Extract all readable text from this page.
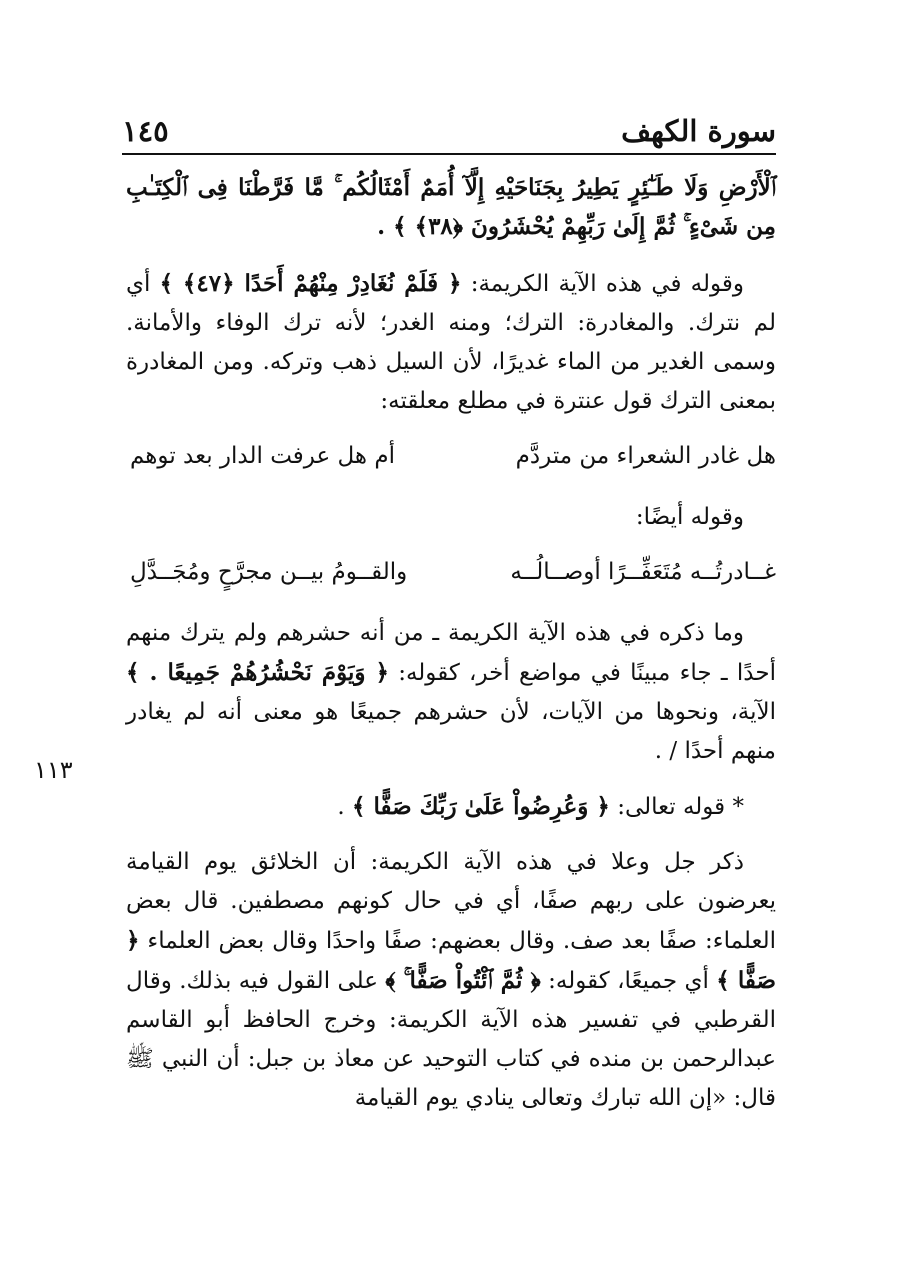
سورة الكهف
١٤٥
١١٣

ٱلْأَرْضِ وَلَا طَـٰٓئِرٍ يَطِيرُ بِجَنَاحَيْهِ إِلَّآ أُمَمٌ أَمْثَالُكُم ۚ مَّا فَرَّطْنَا فِى ٱلْكِتَـٰبِ مِن شَىْءٍ ۚ ثُمَّ إِلَىٰ رَبِّهِمْ يُحْشَرُونَ ﴿٣٨﴾ ﴾ .

وقوله في هذه الآية الكريمة: ﴿ فَلَمْ نُغَادِرْ مِنْهُمْ أَحَدًا ﴿٤٧﴾ ﴾ أي لم نترك. والمغادرة: الترك؛ ومنه الغدر؛ لأنه ترك الوفاء والأمانة. وسمى الغدير من الماء غديرًا، لأن السيل ذهب وتركه. ومن المغادرة بمعنى الترك قول عنترة في مطلع معلقته:

هل غادر الشعراء من متردَّم
أم هل عرفت الدار بعد توهم

وقوله أيضًا:

غــادرتُــه مُتَعَفِّــرًا أوصــالُــه
والقــومُ بيــن مجرَّحٍ ومُجَــدَّلِ

وما ذكره في هذه الآية الكريمة ـ من أنه حشرهم ولم يترك منهم أحدًا ـ جاء مبينًا في مواضع أخر، كقوله: ﴿ وَيَوْمَ نَحْشُرُهُمْ جَمِيعًا . ﴾ الآية، ونحوها من الآيات، لأن حشرهم جميعًا هو معنى أنه لم يغادر منهم أحدًا / .

* قوله تعالى: ﴿ وَعُرِضُواْ عَلَىٰ رَبِّكَ صَفًّا ﴾ .

ذكر جل وعلا في هذه الآية الكريمة: أن الخلائق يوم القيامة يعرضون على ربهم صفًا، أي في حال كونهم مصطفين. قال بعض العلماء: صفًا بعد صف. وقال بعضهم: صفًا واحدًا وقال بعض العلماء ﴿ صَفًّا ﴾ أي جميعًا، كقوله: ﴿ ثُمَّ ٱئْتُواْ صَفًّا ۚ ﴾ على القول فيه بذلك. وقال القرطبي في تفسير هذه الآية الكريمة: وخرج الحافظ أبو القاسم عبدالرحمن بن منده في كتاب التوحيد عن معاذ بن جبل: أن النبي ﷺ قال: «إن الله تبارك وتعالى ينادي يوم القيامة
